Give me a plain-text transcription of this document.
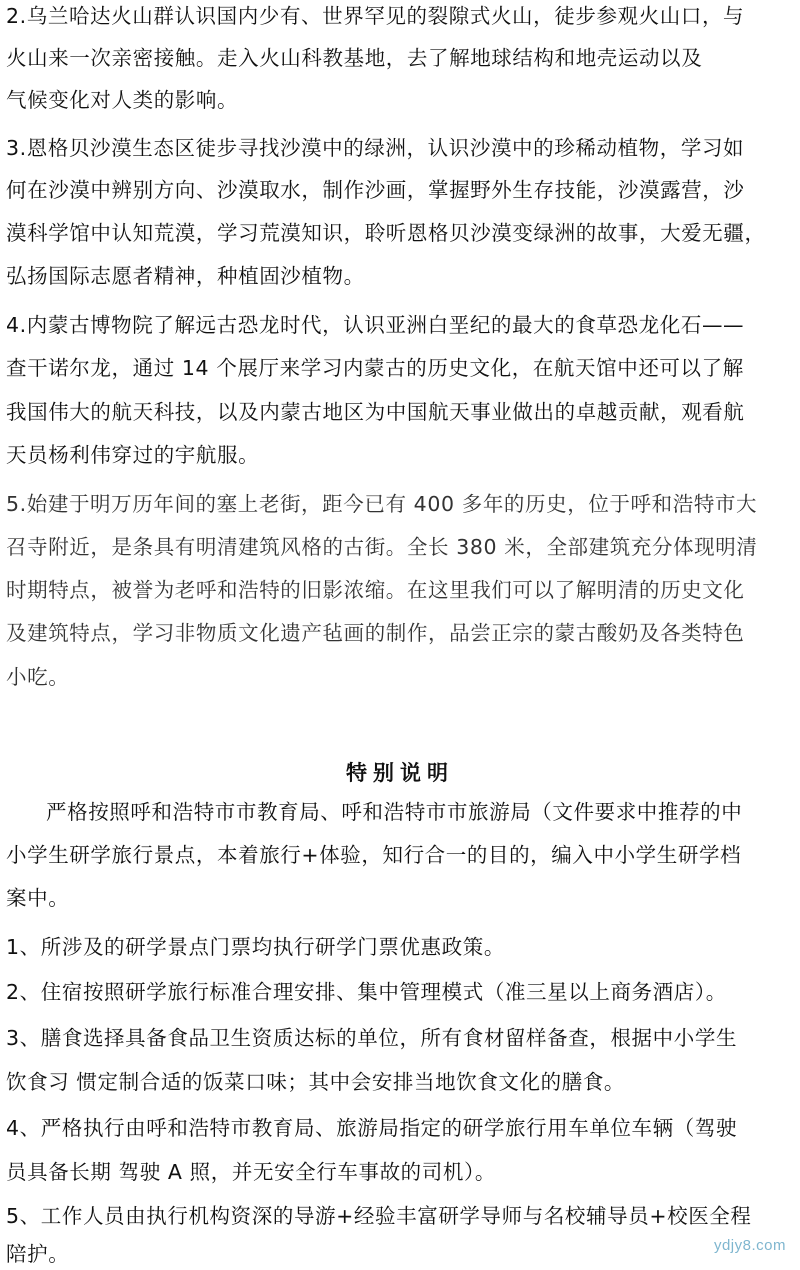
2.乌兰哈达火山群认识国内少有、世界罕见的裂隙式火山，徒步参观火山口，与
火山来一次亲密接触。走入火山科教基地，去了解地球结构和地壳运动以及
气候变化对人类的影响。
3.恩格贝沙漠生态区徒步寻找沙漠中的绿洲，认识沙漠中的珍稀动植物，学习如
何在沙漠中辨别方向、沙漠取水，制作沙画，掌握野外生存技能，沙漠露营，沙
漠科学馆中认知荒漠，学习荒漠知识，聆听恩格贝沙漠变绿洲的故事，大爱无疆，
弘扬国际志愿者精神，种植固沙植物。
4.内蒙古博物院了解远古恐龙时代，认识亚洲白垩纪的最大的食草恐龙化石——
查干诺尔龙，通过 14 个展厅来学习内蒙古的历史文化，在航天馆中还可以了解
我国伟大的航天科技，以及内蒙古地区为中国航天事业做出的卓越贡献，观看航
天员杨利伟穿过的宇航服。
5.始建于明万历年间的塞上老街，距今已有 400 多年的历史，位于呼和浩特市大
召寺附近，是条具有明清建筑风格的古街。全长 380 米，全部建筑充分体现明清
时期特点，被誉为老呼和浩特的旧影浓缩。在这里我们可以了解明清的历史文化
及建筑特点，学习非物质文化遗产毡画的制作，品尝正宗的蒙古酸奶及各类特色
小吃。
特别说明
严格按照呼和浩特市市教育局、呼和浩特市市旅游局（文件要求中推荐的中
小学生研学旅行景点，本着旅行+体验，知行合一的目的，编入中小学生研学档
案中。
1、所涉及的研学景点门票均执行研学门票优惠政策。
2、住宿按照研学旅行标准合理安排、集中管理模式（准三星以上商务酒店）。
3、膳食选择具备食品卫生资质达标的单位，所有食材留样备查，根据中小学生
饮食习 惯定制合适的饭菜口味；其中会安排当地饮食文化的膳食。
4、严格执行由呼和浩特市教育局、旅游局指定的研学旅行用车单位车辆（驾驶
员具备长期 驾驶 A 照，并无安全行车事故的司机）。
5、工作人员由执行机构资深的导游+经验丰富研学导师与名校辅导员+校医全程
陪护。	ydjy8.com
